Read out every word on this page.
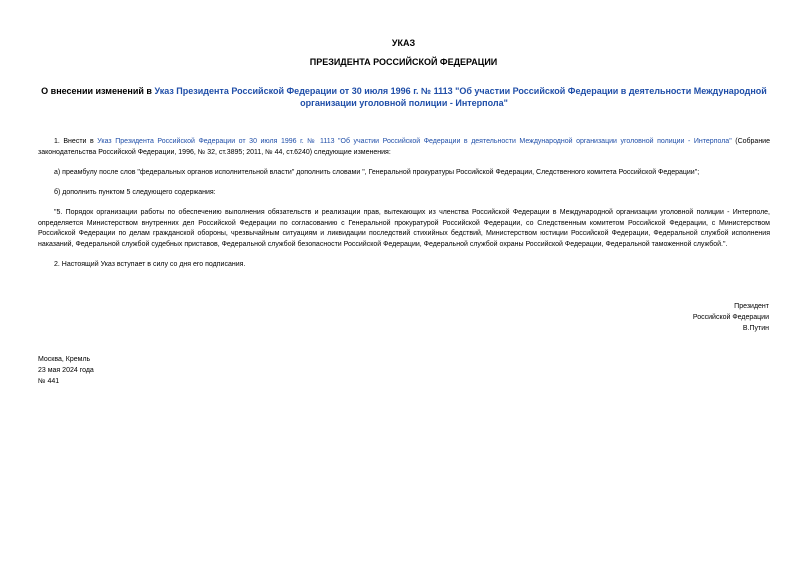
УКАЗ
ПРЕЗИДЕНТА РОССИЙСКОЙ ФЕДЕРАЦИИ
О внесении изменений в Указ Президента Российской Федерации от 30 июля 1996 г. № 1113 "Об участии Российской Федерации в деятельности Международной организации уголовной полиции - Интерпола"
1. Внести в Указ Президента Российской Федерации от 30 июля 1996 г. № 1113 "Об участии Российской Федерации в деятельности Международной организации уголовной полиции - Интерпола" (Собрание законодательства Российской Федерации, 1996, № 32, ст.3895; 2011, № 44, ст.6240) следующие изменения:
а) преамбулу после слов "федеральных органов исполнительной власти" дополнить словами ", Генеральной прокуратуры Российской Федерации, Следственного комитета Российской Федерации";
б) дополнить пунктом 5 следующего содержания:
"5. Порядок организации работы по обеспечению выполнения обязательств и реализации прав, вытекающих из членства Российской Федерации в Международной организации уголовной полиции - Интерполе, определяется Министерством внутренних дел Российской Федерации по согласованию с Генеральной прокуратурой Российской Федерации, со Следственным комитетом Российской Федерации, с Министерством Российской Федерации по делам гражданской обороны, чрезвычайным ситуациям и ликвидации последствий стихийных бедствий, Министерством юстиции Российской Федерации, Федеральной службой исполнения наказаний, Федеральной службой судебных приставов, Федеральной службой безопасности Российской Федерации, Федеральной службой охраны Российской Федерации, Федеральной таможенной службой.".
2. Настоящий Указ вступает в силу со дня его подписания.
Президент
Российской Федерации
В.Путин
Москва, Кремль
23 мая 2024 года
№ 441
